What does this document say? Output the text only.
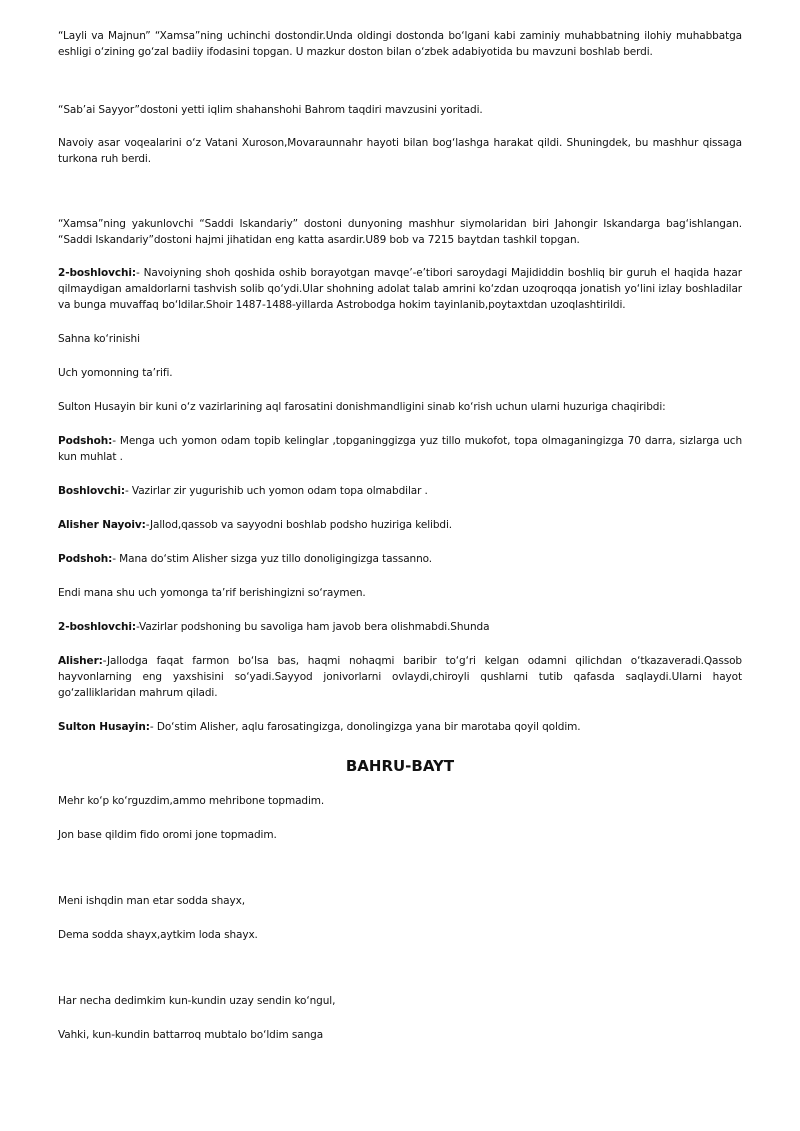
“Layli va Majnun” “Xamsa”ning uchinchi dostondir.Unda oldingi dostonda bo‘lgani kabi zaminiy muhabbatning ilohiy muhabbatga eshligi o‘zining go‘zal badiiy ifodasini topgan. U mazkur doston bilan o‘zbek adabiyotida bu mavzuni boshlab berdi.

“Sab’ai Sayyor”dostoni yetti iqlim shahanshohi Bahrom taqdiri mavzusini yoritadi.

Navoiy asar voqealarini o‘z Vatani Xuroson,Movaraunnahr hayoti bilan bog‘lashga harakat qildi. Shuningdek, bu mashhur qissaga turkona ruh berdi.

“Xamsa”ning yakunlovchi “Saddi Iskandariy” dostoni dunyoning mashhur siymolaridan biri Jahongir Iskandarga bag‘ishlangan. “Saddi Iskandariy”dostoni hajmi jihatidan eng katta asardir.U89 bob va 7215 baytdan tashkil topgan.

2-boshlovchi:- Navoiyning shoh qoshida oshib borayotgan mavqe’-e’tibori saroydagi Majididdin boshliq bir guruh el haqida hazar qilmaydigan amaldorlarni tashvish solib qo‘ydi.Ular shohning adolat talab amrini ko‘zdan uzoqroqqa jonatish yo‘lini izlay boshladilar va bunga muvaffaq bo‘ldilar.Shoir 1487-1488-yillarda Astrobodga hokim tayinlanib,poytaxtdan uzoqlashtirildi.

Sahna ko‘rinishi

Uch yomonning ta’rifi.

Sulton Husayin bir kuni o‘z vazirlarining aql farosatini donishmandligini sinab ko‘rish uchun ularni huzuriga chaqiribdi:

Podshoh:- Menga uch yomon odam topib kelinglar ,topganinggizga yuz tillo mukofot, topa olmaganingizga 70 darra, sizlarga uch kun muhlat .

Boshlovchi:- Vazirlar zir yugurishib uch yomon odam topa olmabdilar .

Alisher Nayoiv:-Jallod,qassob va sayyodni boshlab podsho huziriga kelibdi.

Podshoh:- Mana do‘stim Alisher sizga yuz tillo donoligingizga tassanno.

Endi mana shu uch yomonga ta’rif berishingizni so‘raymen.

2-boshlovchi:-Vazirlar podshoning bu savoliga ham javob bera olishmabdi.Shunda

Alisher:-Jallodga faqat farmon bo‘lsa bas, haqmi nohaqmi baribir to‘g‘ri kelgan odamni qilichdan o‘tkazaveradi.Qassob hayvonlarning eng yaxshisini so‘yadi.Sayyod jonivorlarni ovlaydi,chiroyli qushlarni tutib qafasda saqlaydi.Ularni hayot go‘zalliklaridan mahrum qiladi.

Sulton Husayin:- Do‘stim Alisher, aqlu farosatingizga, donolingizga yana bir marotaba qoyil qoldim.

BAHRU-BAYT

Mehr ko‘p ko‘rguzdim,ammo mehribone topmadim.

Jon base qildim fido oromi jone topmadim.

Meni ishqdin man etar sodda shayx,

Dema sodda shayx,aytkim loda shayx.

Har necha dedimkim kun-kundin uzay sendin ko‘ngul,

Vahki, kun-kundin battarroq mubtalo bo‘ldim sanga
